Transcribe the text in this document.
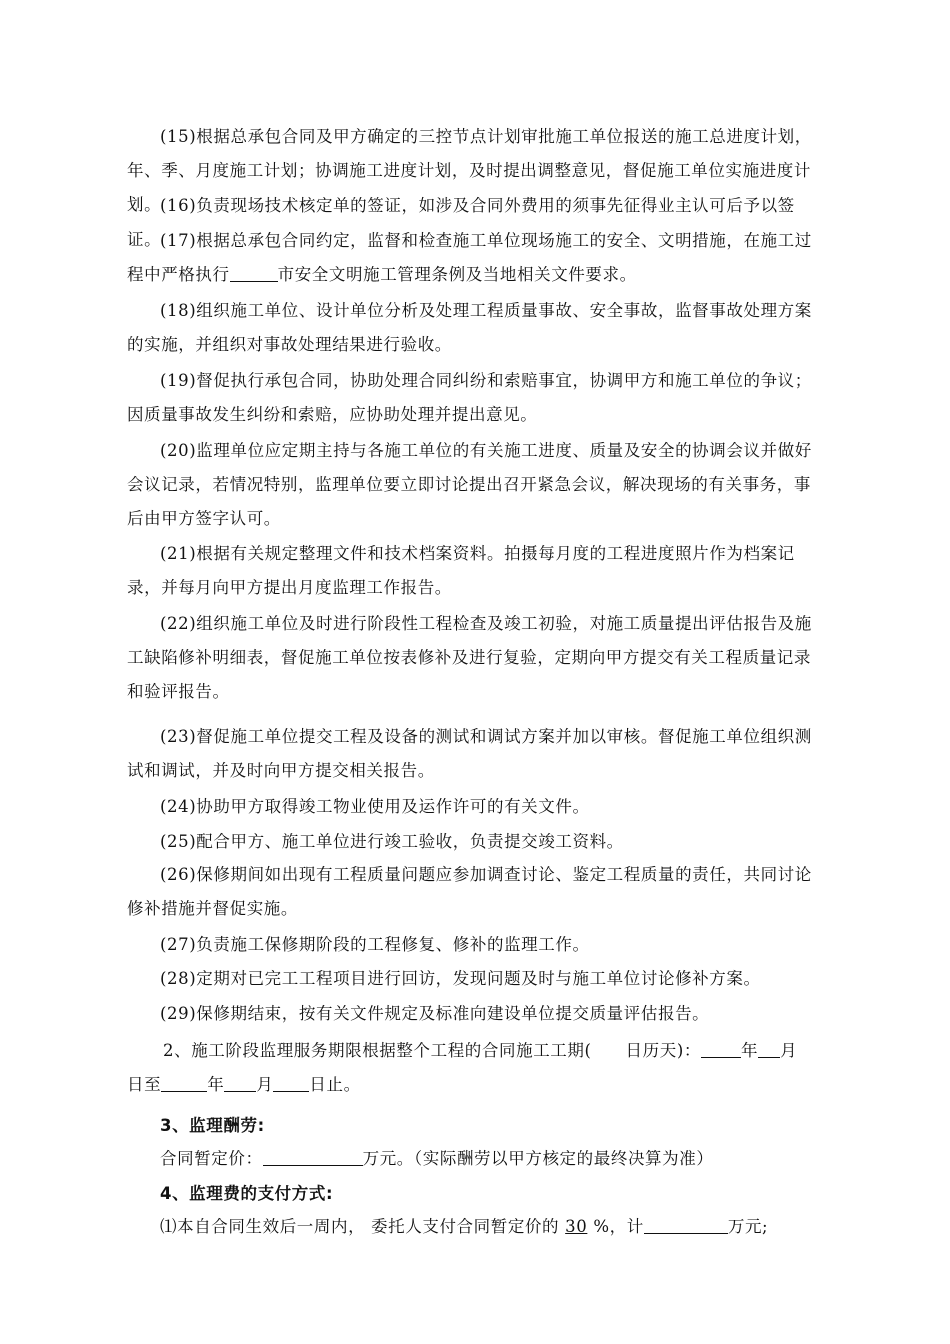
(15)根据总承包合同及甲方确定的三控节点计划审批施工单位报送的施工总进度计划，年、季、月度施工计划；协调施工进度计划，及时提出调整意见，督促施工单位实施进度计划。

(16)负责现场技术核定单的签证，如涉及合同外费用的须事先征得业主认可后予以签证。

(17)根据总承包合同约定，监督和检查施工单位现场施工的安全、文明措施，在施工过程中严格执行	市安全文明施工管理条例及当地相关文件要求。

(18)组织施工单位、设计单位分析及处理工程质量事故、安全事故，监督事故处理方案的实施，并组织对事故处理结果进行验收。

(19)督促执行承包合同，协助处理合同纠纷和索赔事宜，协调甲方和施工单位的争议；因质量事故发生纠纷和索赔，应协助处理并提出意见。

(20)监理单位应定期主持与各施工单位的有关施工进度、质量及安全的协调会议并做好会议记录，若情况特别，监理单位要立即讨论提出召开紧急会议，解决现场的有关事务，事后由甲方签字认可。

(21)根据有关规定整理文件和技术档案资料。拍摄每月度的工程进度照片作为档案记录，并每月向甲方提出月度监理工作报告。

(22)组织施工单位及时进行阶段性工程检查及竣工初验，对施工质量提出评估报告及施工缺陷修补明细表，督促施工单位按表修补及进行复验，定期向甲方提交有关工程质量记录和验评报告。

(23)督促施工单位提交工程及设备的测试和调试方案并加以审核。督促施工单位组织测试和调试，并及时向甲方提交相关报告。

(24)协助甲方取得竣工物业使用及运作许可的有关文件。

(25)配合甲方、施工单位进行竣工验收，负责提交竣工资料。

(26)保修期间如出现有工程质量问题应参加调查讨论、鉴定工程质量的责任，共同讨论修补措施并督促实施。

(27)负责施工保修期阶段的工程修复、修补的监理工作。

(28)定期对已完工工程项目进行回访，发现问题及时与施工单位讨论修补方案。

(29)保修期结束，按有关文件规定及标准向建设单位提交质量评估报告。

2、施工阶段监理服务期限根据整个工程的合同施工工期( 日历天)： 年 月
日至	年 月 日止。

3、监理酬劳:

合同暂定价：	万元。（实际酬劳以甲方核定的最终决算为准）

4、监理费的支付方式:

⑴本自合同生效后一周内， 委托人支付合同暂定价的 30 %，计	万元;
